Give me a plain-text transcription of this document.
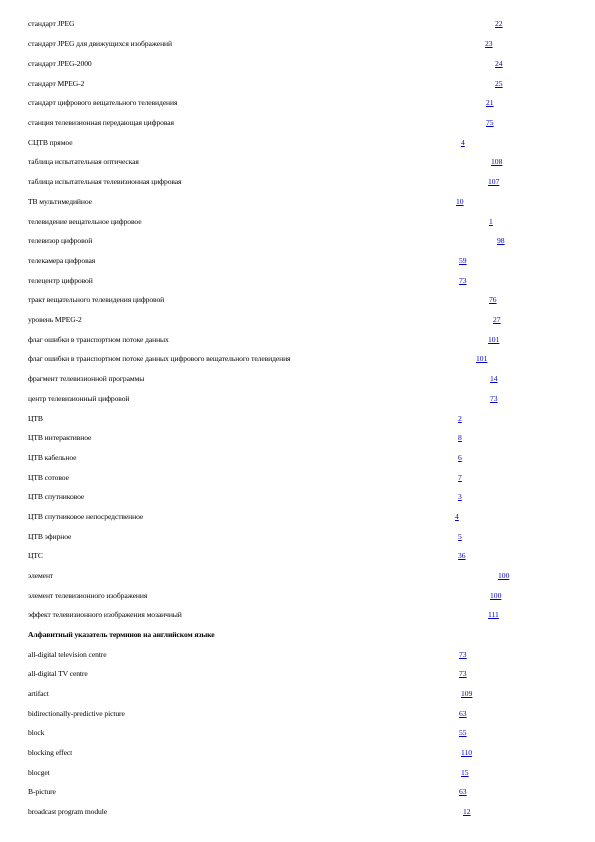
стандарт JPEG	22
стандарт JPEG для движущихся изображений	23
стандарт JPEG-2000	24
стандарт MPEG-2	25
стандарт цифрового вещательного телевидения	21
станция телевизионная передающая цифровая	75
СЦТВ прямое	4
таблица испытательная оптическая	108
таблица испытательная телевизионная цифровая	107
ТВ мультимедийное	10
телевидение вещательное цифровое	1
телевизор цифровой	98
телекамера цифровая	59
телецентр цифровой	73
тракт вещательного телевидения цифровой	76
уровень MPEG-2	27
флаг ошибки в транспортном потоке данных	101
флаг ошибки в транспортном потоке данных цифрового вещательного телевидения	101
фрагмент телевизионной программы	14
центр телевизионный цифровой	73
ЦТВ	2
ЦТВ интерактивное	8
ЦТВ кабельное	6
ЦТВ сотовое	7
ЦТВ спутниковое	3
ЦТВ спутниковое непосредственное	4
ЦТВ эфирное	5
ЦТС	36
элемент	100
элемент телевизионного изображения	100
эффект телевизионного изображения мозаичный	111
Алфавитный указатель терминов на английском языке
all-digital television centre	73
all-digital TV centre	73
artifact	109
bidirectionally-predictive picture	63
block	55
blocking effect	110
blocget	15
B-picture	63
broadcast program module	12
